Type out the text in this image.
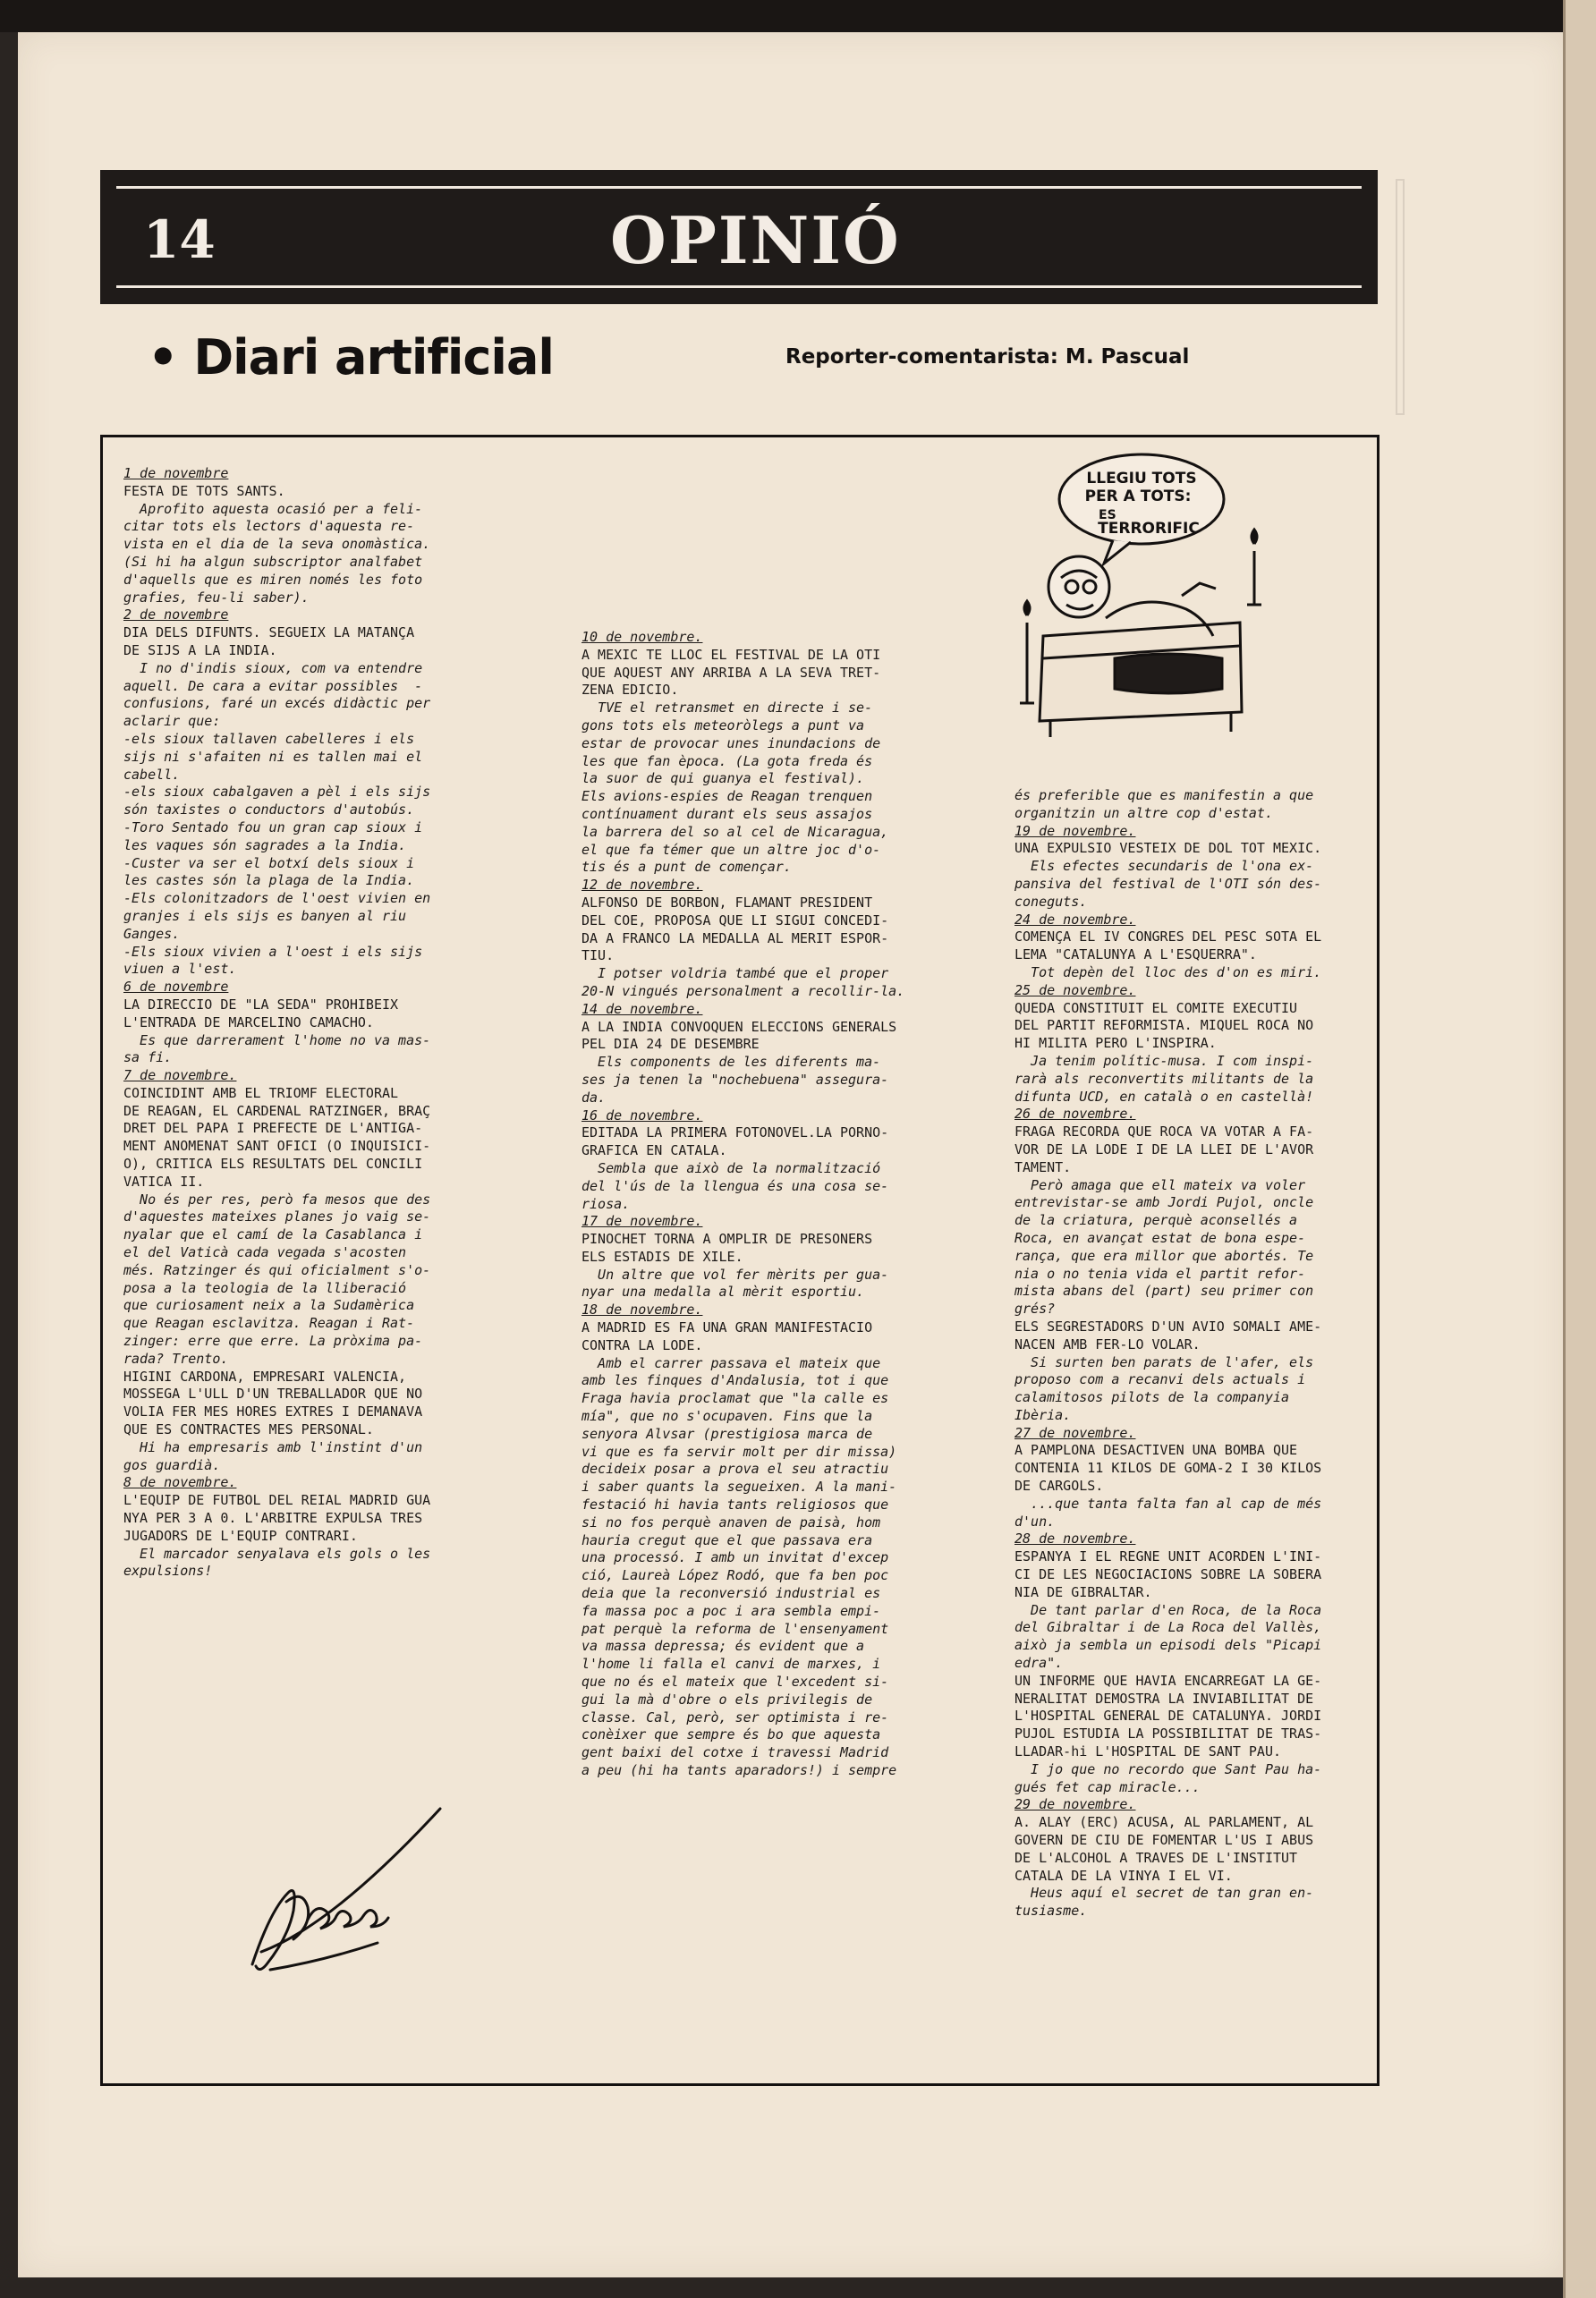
14	OPINIÓ
• Diari artificial	Reporter-comentarista: M. Pascual

1 de novembre

FESTA DE TOTS SANTS.

Aprofito aquesta ocasió per a feli-

citar tots els lectors d'aquesta re-

vista en el dia de la seva onomàstica.

(Si hi ha algun subscriptor analfabet

d'aquells que es miren només les foto

grafies, feu-li saber).

2 de novembre

DIA DELS DIFUNTS. SEGUEIX LA MATANÇA

DE SIJS A LA INDIA.

I no d'indis sioux, com va entendre

aquell. De cara a evitar possibles  -

confusions, faré un excés didàctic per

aclarir que:

-els sioux tallaven cabelleres i els

sijs ni s'afaiten ni es tallen mai el

cabell.

-els sioux cabalgaven a pèl i els sijs

són taxistes o conductors d'autobús.

-Toro Sentado fou un gran cap sioux i

les vaques són sagrades a la India.

-Custer va ser el botxí dels sioux i

les castes són la plaga de la India.

-Els colonitzadors de l'oest vivien en

granjes i els sijs es banyen al riu

Ganges.

-Els sioux vivien a l'oest i els sijs

viuen a l'est.

6 de novembre

LA DIRECCIO DE "LA SEDA" PROHIBEIX

L'ENTRADA DE MARCELINO CAMACHO.

Es que darrerament l'home no va mas-

sa fi.

7 de novembre.

COINCIDINT AMB EL TRIOMF ELECTORAL

DE REAGAN, EL CARDENAL RATZINGER, BRAÇ

DRET DEL PAPA I PREFECTE DE L'ANTIGA-

MENT ANOMENAT SANT OFICI (O INQUISICI-

O), CRITICA ELS RESULTATS DEL CONCILI

VATICA II.

No és per res, però fa mesos que des

d'aquestes mateixes planes jo vaig se-

nyalar que el camí de la Casablanca i

el del Vaticà cada vegada s'acosten

més. Ratzinger és qui oficialment s'o-

posa a la teologia de la lliberació

que curiosament neix a la Sudamèrica

que Reagan esclavitza. Reagan i Rat-

zinger: erre que erre. La pròxima pa-

rada? Trento.

HIGINI CARDONA, EMPRESARI VALENCIA,

MOSSEGA L'ULL D'UN TREBALLADOR QUE NO

VOLIA FER MES HORES EXTRES I DEMANAVA

QUE ES CONTRACTES MES PERSONAL.

Hi ha empresaris amb l'instint d'un

gos guardià.

8 de novembre.

L'EQUIP DE FUTBOL DEL REIAL MADRID GUA

NYA PER 3 A 0. L'ARBITRE EXPULSA TRES

JUGADORS DE L'EQUIP CONTRARI.

El marcador senyalava els gols o les

expulsions!

10 de novembre.

A MEXIC TE LLOC EL FESTIVAL DE LA OTI

QUE AQUEST ANY ARRIBA A LA SEVA TRET-

ZENA EDICIO.

TVE el retransmet en directe i se-

gons tots els meteoròlegs a punt va

estar de provocar unes inundacions de

les que fan època. (La gota freda és

la suor de qui guanya el festival).

Els avions-espies de Reagan trenquen

contínuament durant els seus assajos

la barrera del so al cel de Nicaragua,

el que fa témer que un altre joc d'o-

tis és a punt de començar.

12 de novembre.

ALFONSO DE BORBON, FLAMANT PRESIDENT

DEL COE, PROPOSA QUE LI SIGUI CONCEDI-

DA A FRANCO LA MEDALLA AL MERIT ESPOR-

TIU.

I potser voldria també que el proper

20-N vingués personalment a recollir-la.

14 de novembre.

A LA INDIA CONVOQUEN ELECCIONS GENERALS

PEL DIA 24 DE DESEMBRE

Els components de les diferents ma-

ses ja tenen la "nochebuena" assegura-

da.

16 de novembre.

EDITADA LA PRIMERA FOTONOVEL.LA PORNO-

GRAFICA EN CATALA.

Sembla que això de la normalització

del l'ús de la llengua és una cosa se-

riosa.

17 de novembre.

PINOCHET TORNA A OMPLIR DE PRESONERS

ELS ESTADIS DE XILE.

Un altre que vol fer mèrits per gua-

nyar una medalla al mèrit esportiu.

18 de novembre.

A MADRID ES FA UNA GRAN MANIFESTACIO

CONTRA LA LODE.

Amb el carrer passava el mateix que

amb les finques d'Andalusia, tot i que

Fraga havia proclamat que "la calle es

mía", que no s'ocupaven. Fins que la

senyora Alvsar (prestigiosa marca de

vi que es fa servir molt per dir missa)

decideix posar a prova el seu atractiu

i saber quants la segueixen. A la mani-

festació hi havia tants religiosos que

si no fos perquè anaven de paisà, hom

hauria cregut que el que passava era

una processó. I amb un invitat d'excep

ció, Laureà López Rodó, que fa ben poc

deia que la reconversió industrial es

fa massa poc a poc i ara sembla empi-

pat perquè la reforma de l'ensenyament

va massa depressa; és evident que a

l'home li falla el canvi de marxes, i

que no és el mateix que l'excedent si-

gui la mà d'obre o els privilegis de

classe. Cal, però, ser optimista i re-

conèixer que sempre és bo que aquesta

gent baixi del cotxe i travessi Madrid

a peu (hi ha tants aparadors!) i sempre

és preferible que es manifestin a que

organitzin un altre cop d'estat.

19 de novembre.

UNA EXPULSIO VESTEIX DE DOL TOT MEXIC.

Els efectes secundaris de l'ona ex-

pansiva del festival de l'OTI són des-

coneguts.

24 de novembre.

COMENÇA EL IV CONGRES DEL PESC SOTA EL

LEMA "CATALUNYA A L'ESQUERRA".

Tot depèn del lloc des d'on es miri.

25 de novembre.

QUEDA CONSTITUIT EL COMITE EXECUTIU

DEL PARTIT REFORMISTA. MIQUEL ROCA NO

HI MILITA PERO L'INSPIRA.

Ja tenim polític-musa. I com inspi-

rarà als reconvertits militants de la

difunta UCD, en català o en castellà!

26 de novembre.

FRAGA RECORDA QUE ROCA VA VOTAR A FA-

VOR DE LA LODE I DE LA LLEI DE L'AVOR

TAMENT.

Però amaga que ell mateix va voler

entrevistar-se amb Jordi Pujol, oncle

de la criatura, perquè aconsellés a

Roca, en avançat estat de bona espe-

rança, que era millor que abortés. Te

nia o no tenia vida el partit refor-

mista abans del (part) seu primer con

grés?

ELS SEGRESTADORS D'UN AVIO SOMALI AME-

NACEN AMB FER-LO VOLAR.

Si surten ben parats de l'afer, els

proposo com a recanvi dels actuals i

calamitosos pilots de la companyia

Ibèria.

27 de novembre.

A PAMPLONA DESACTIVEN UNA BOMBA QUE

CONTENIA 11 KILOS DE GOMA-2 I 30 KILOS

DE CARGOLS.

...que tanta falta fan al cap de més

d'un.

28 de novembre.

ESPANYA I EL REGNE UNIT ACORDEN L'INI-

CI DE LES NEGOCIACIONS SOBRE LA SOBERA

NIA DE GIBRALTAR.

De tant parlar d'en Roca, de la Roca

del Gibraltar i de La Roca del Vallès,

això ja sembla un episodi dels "Picapi

edra".

UN INFORME QUE HAVIA ENCARREGAT LA GE-

NERALITAT DEMOSTRA LA INVIABILITAT DE

L'HOSPITAL GENERAL DE CATALUNYA. JORDI

PUJOL ESTUDIA LA POSSIBILITAT DE TRAS-

LLADAR-hi L'HOSPITAL DE SANT PAU.

I jo que no recordo que Sant Pau ha-

gués fet cap miracle...

29 de novembre.

A. ALAY (ERC) ACUSA, AL PARLAMENT, AL

GOVERN DE CIU DE FOMENTAR L'US I ABUS

DE L'ALCOHOL A TRAVES DE L'INSTITUT

CATALA DE LA VINYA I EL VI.

Heus aquí el secret de tan gran en-

tusiasme.

LLEGIU TOTS
PER A TOTS:
ES
TERRORIFIC
